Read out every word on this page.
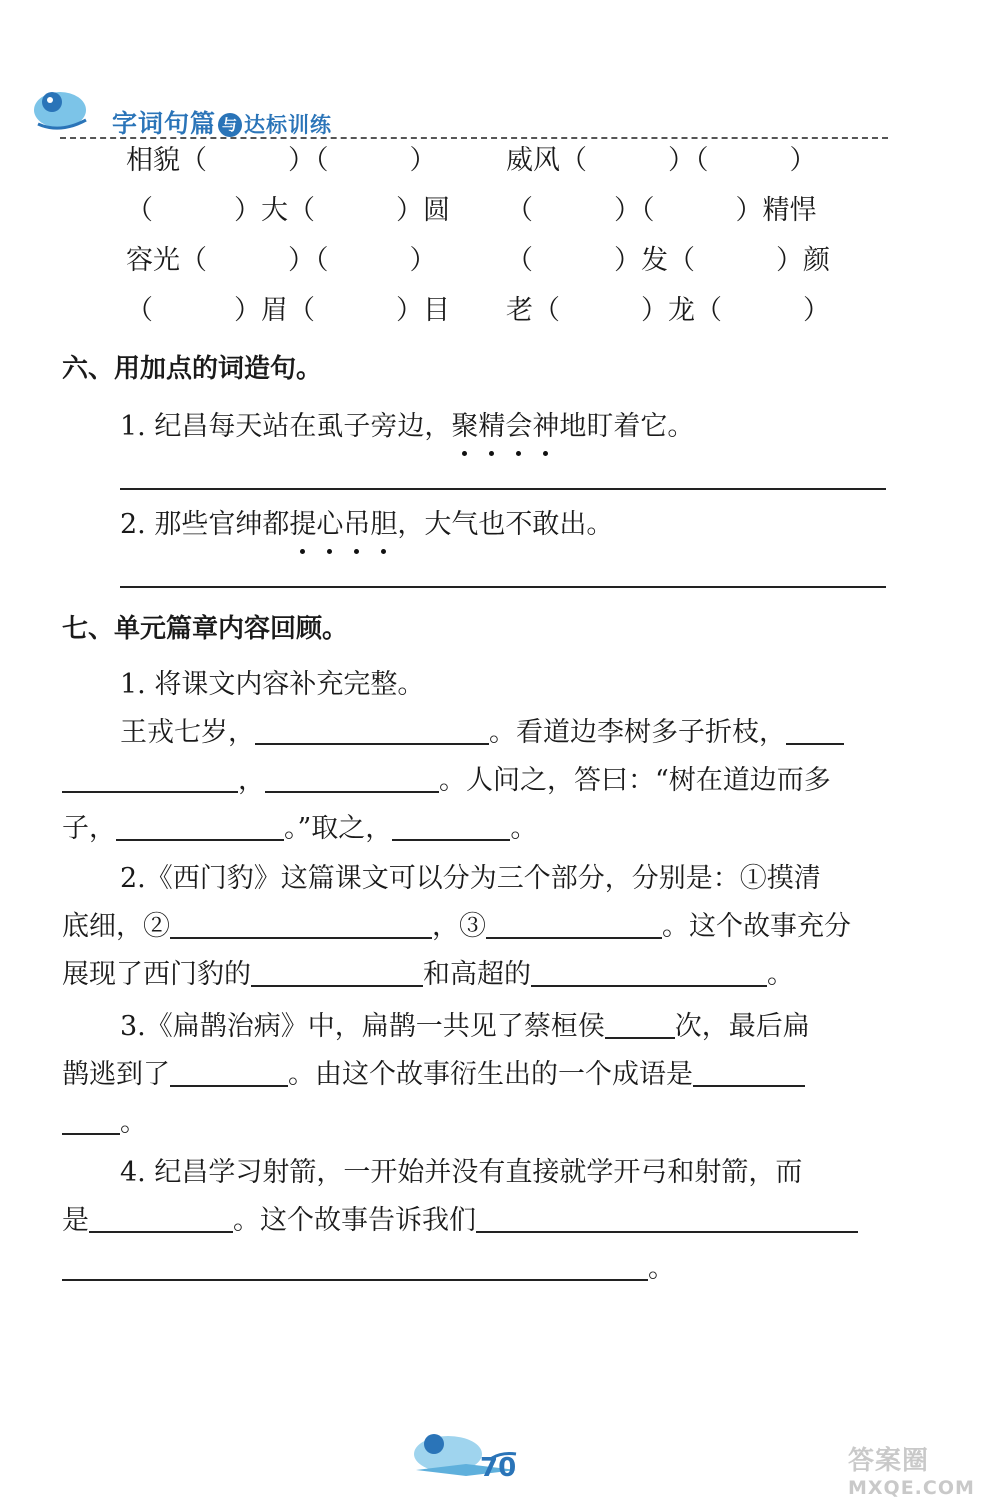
字词句篇 与 达标训练
相貌（　　　）（　　　）	威风（　　　）（　　　）
（　　　）大（　　　）圆 （　　　）（　　　）精悍
容光（　　　）（　　　）	（　　　）发（　　　）颜
（　　　）眉（　　　）目 老（　　　）龙（　　　）
六、用加点的词造句。
1. 纪昌每天站在虱子旁边，聚精会神地盯着它。
2. 那些官绅都提心吊胆，大气也不敢出。
七、单元篇章内容回顾。
1. 将课文内容补充完整。
王戎七岁，	。看道边李树多子折枝，
，	。人问之，答曰：“树在道边而多
子，	。”取之，	。
2.《西门豹》这篇课文可以分为三个部分，分别是：①摸清
底细，②	，③	。这个故事充分
展现了西门豹的	和高超的	。
3.《扁鹊治病》中，扁鹊一共见了蔡桓侯	次，最后扁
鹊逃到了	。由这个故事衍生出的一个成语是
。
4. 纪昌学习射箭，一开始并没有直接就学开弓和射箭，而
是	。这个故事告诉我们
。
70	答案圈
MXQE.COM
